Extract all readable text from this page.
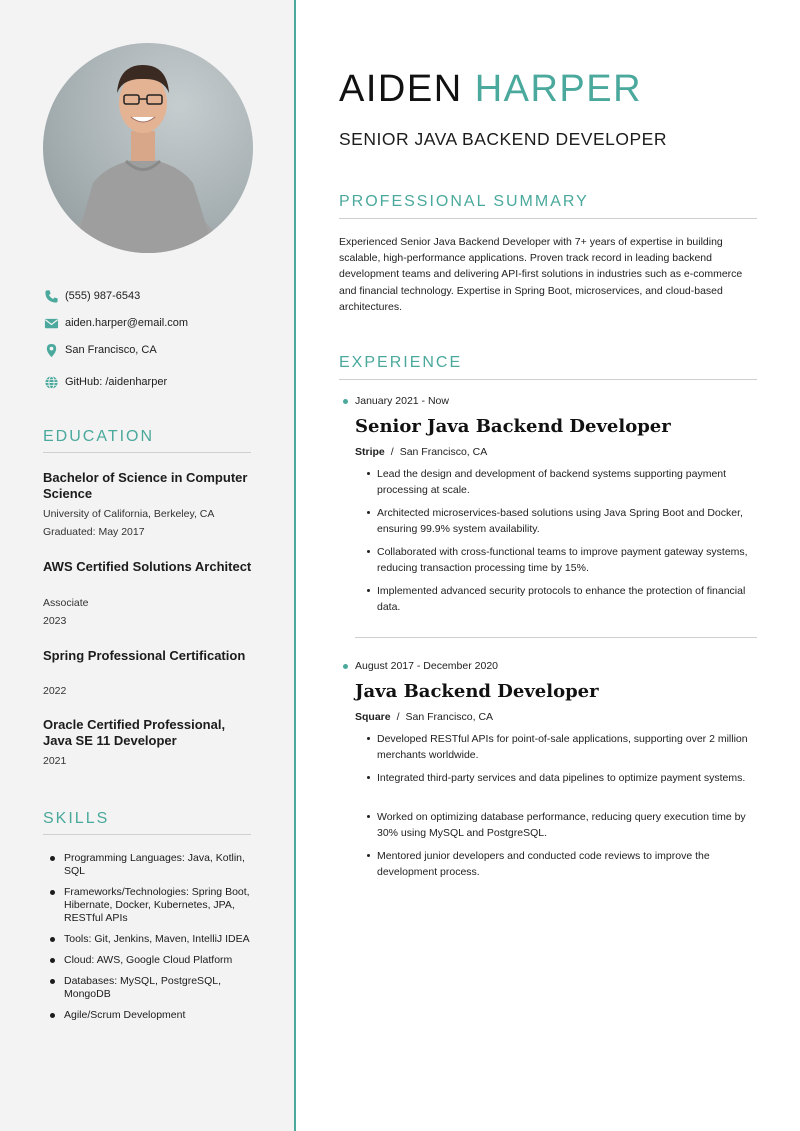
(555) 987-6543
aiden.harper@email.com
San Francisco, CA
GitHub: /aidenharper
EDUCATION
Bachelor of Science in Computer Science
University of California, Berkeley, CA
Graduated: May 2017
AWS Certified Solutions Architect
Associate
2023
Spring Professional Certification
2022
Oracle Certified Professional, Java SE 11 Developer
2021
SKILLS
Programming Languages: Java, Kotlin, SQL
Frameworks/Technologies: Spring Boot, Hibernate, Docker, Kubernetes, JPA, RESTful APIs
Tools: Git, Jenkins, Maven, IntelliJ IDEA
Cloud: AWS, Google Cloud Platform
Databases: MySQL, PostgreSQL, MongoDB
Agile/Scrum Development
AIDEN HARPER
SENIOR JAVA BACKEND DEVELOPER
PROFESSIONAL SUMMARY
Experienced Senior Java Backend Developer with 7+ years of expertise in building scalable, high-performance applications. Proven track record in leading backend development teams and delivering API-first solutions in industries such as e-commerce and financial technology. Expertise in Spring Boot, microservices, and cloud-based architectures.
EXPERIENCE
January 2021 - Now
Senior Java Backend Developer
Stripe / San Francisco, CA
Lead the design and development of backend systems supporting payment processing at scale.
Architected microservices-based solutions using Java Spring Boot and Docker, ensuring 99.9% system availability.
Collaborated with cross-functional teams to improve payment gateway systems, reducing transaction processing time by 15%.
Implemented advanced security protocols to enhance the protection of financial data.
August 2017 - December 2020
Java Backend Developer
Square / San Francisco, CA
Developed RESTful APIs for point-of-sale applications, supporting over 2 million merchants worldwide.
Integrated third-party services and data pipelines to optimize payment systems.
Worked on optimizing database performance, reducing query execution time by 30% using MySQL and PostgreSQL.
Mentored junior developers and conducted code reviews to improve the development process.
